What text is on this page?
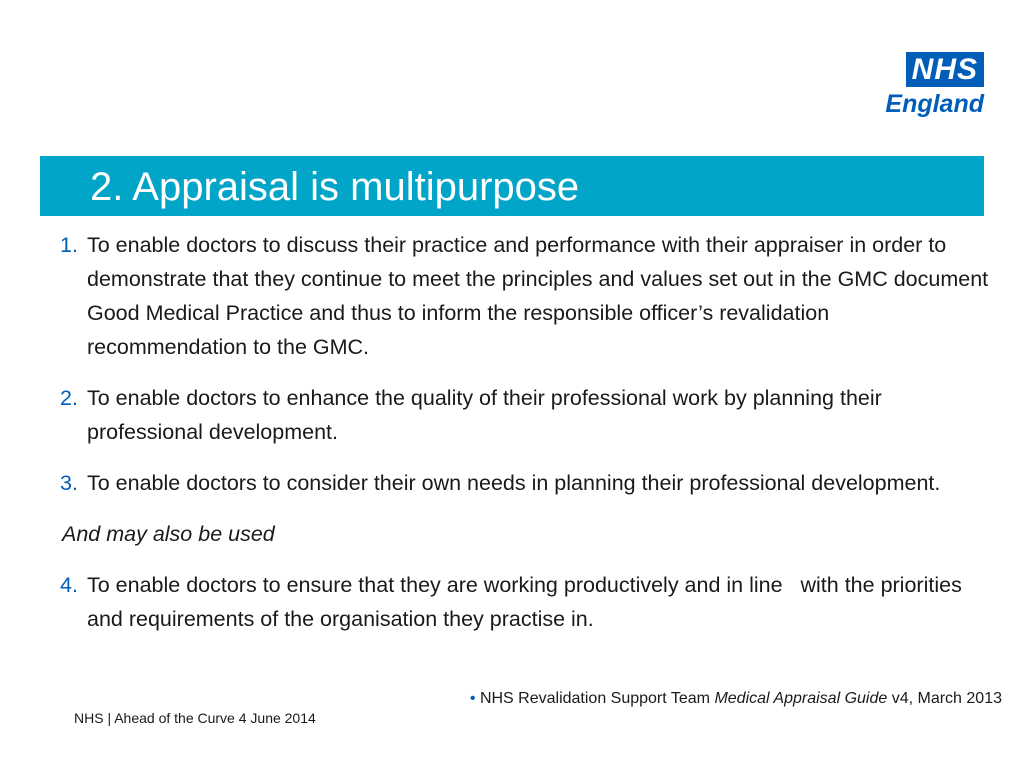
NHS
England
2. Appraisal is multipurpose
1. To enable doctors to discuss their practice and performance with their appraiser in order to demonstrate that they continue to meet the principles and values set out in the GMC document Good Medical Practice and thus to inform the responsible officer’s revalidation recommendation to the GMC.
2. To enable doctors to enhance the quality of their professional work by planning their professional development.
3. To enable doctors to consider their own needs in planning their professional development.
And may also be used
4. To enable doctors to ensure that they are working productively and in line   with the priorities and requirements of the organisation they practise in.
• NHS Revalidation Support Team Medical Appraisal Guide v4, March 2013
NHS | Ahead of the Curve 4 June 2014
